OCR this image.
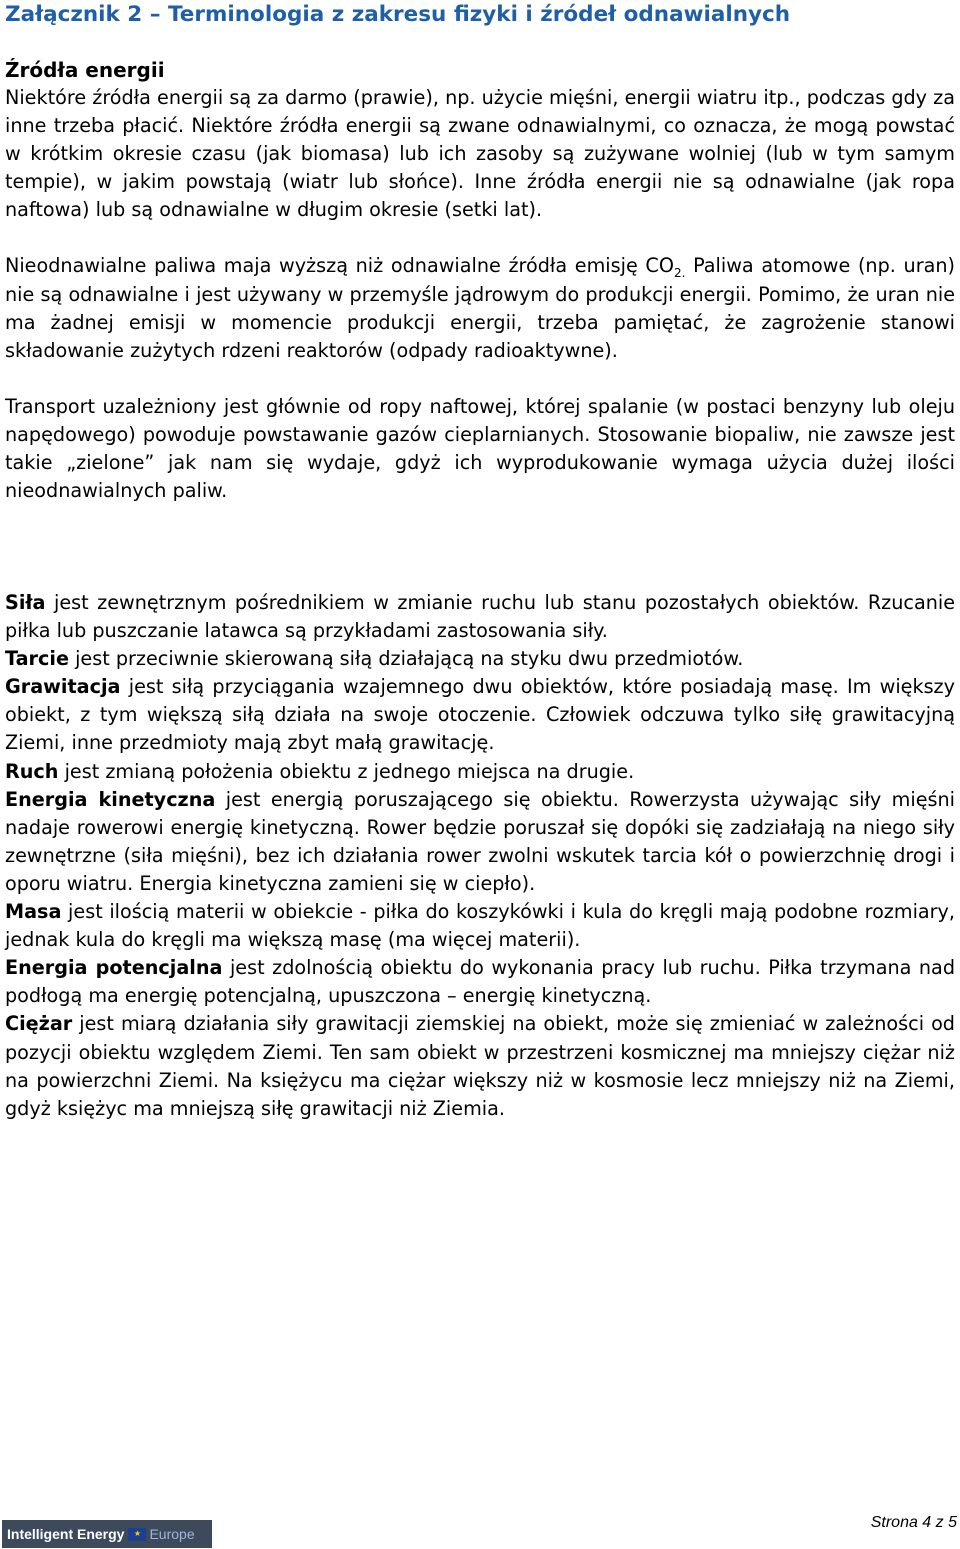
Załącznik 2 – Terminologia z zakresu fizyki i źródeł odnawialnych
Źródła energii

Niektóre źródła energii są za darmo (prawie), np. użycie mięśni, energii wiatru itp., podczas gdy za inne trzeba płacić. Niektóre źródła energii są zwane odnawialnymi, co oznacza, że mogą powstać w krótkim okresie czasu (jak biomasa) lub ich zasoby są zużywane wolniej (lub w tym samym tempie), w jakim powstają (wiatr lub słońce). Inne źródła energii nie są odnawialne (jak ropa naftowa) lub są odnawialne w długim okresie (setki lat).

Nieodnawialne paliwa maja wyższą niż odnawialne źródła emisję $CO_{2.}$ Paliwa atomowe (np. uran) nie są odnawialne i jest używany w przemyśle jądrowym do produkcji energii. Pomimo, że uran nie ma żadnej emisji w momencie produkcji energii, trzeba pamiętać, że zagrożenie stanowi składowanie zużytych rdzeni reaktorów (odpady radioaktywne).

Transport uzależniony jest głównie od ropy naftowej, której spalanie (w postaci benzyny lub oleju napędowego) powoduje powstawanie gazów cieplarnianych. Stosowanie biopaliw, nie zawsze jest takie „zielone” jak nam się wydaje, gdyż ich wyprodukowanie wymaga użycia dużej ilości nieodnawialnych paliw.

Siła jest zewnętrznym pośrednikiem w zmianie ruchu lub stanu pozostałych obiektów. Rzucanie piłka lub puszczanie latawca są przykładami zastosowania siły.

Tarcie jest przeciwnie skierowaną siłą działającą na styku dwu przedmiotów.

Grawitacja jest siłą przyciągania wzajemnego dwu obiektów, które posiadają masę. Im większy obiekt, z tym większą siłą działa na swoje otoczenie. Człowiek odczuwa tylko siłę grawitacyjną Ziemi, inne przedmioty mają zbyt małą grawitację.

Ruch jest zmianą położenia obiektu z jednego miejsca na drugie.

Energia kinetyczna jest energią poruszającego się obiektu. Rowerzysta używając siły mięśni nadaje rowerowi energię kinetyczną. Rower będzie poruszał się dopóki się zadziałają na niego siły zewnętrzne (siła mięśni), bez ich działania rower zwolni wskutek tarcia kół o powierzchnię drogi i oporu wiatru. Energia kinetyczna zamieni się w ciepło).

Masa jest ilością materii w obiekcie - piłka do koszykówki i kula do kręgli mają podobne rozmiary, jednak kula do kręgli ma większą masę (ma więcej materii).

Energia potencjalna jest zdolnością obiektu do wykonania pracy lub ruchu. Piłka trzymana nad podłogą ma energię potencjalną, upuszczona – energię kinetyczną.

Ciężar jest miarą działania siły grawitacji ziemskiej na obiekt, może się zmieniać w zależności od pozycji obiektu względem Ziemi. Ten sam obiekt w przestrzeni kosmicznej ma mniejszy ciężar niż na powierzchni Ziemi. Na księżycu ma ciężar większy niż w kosmosie lecz mniejszy niż na Ziemi, gdyż księżyc ma mniejszą siłę grawitacji niż Ziemia.

Intelligent Energy	★ Europe
Strona 4 z 5
